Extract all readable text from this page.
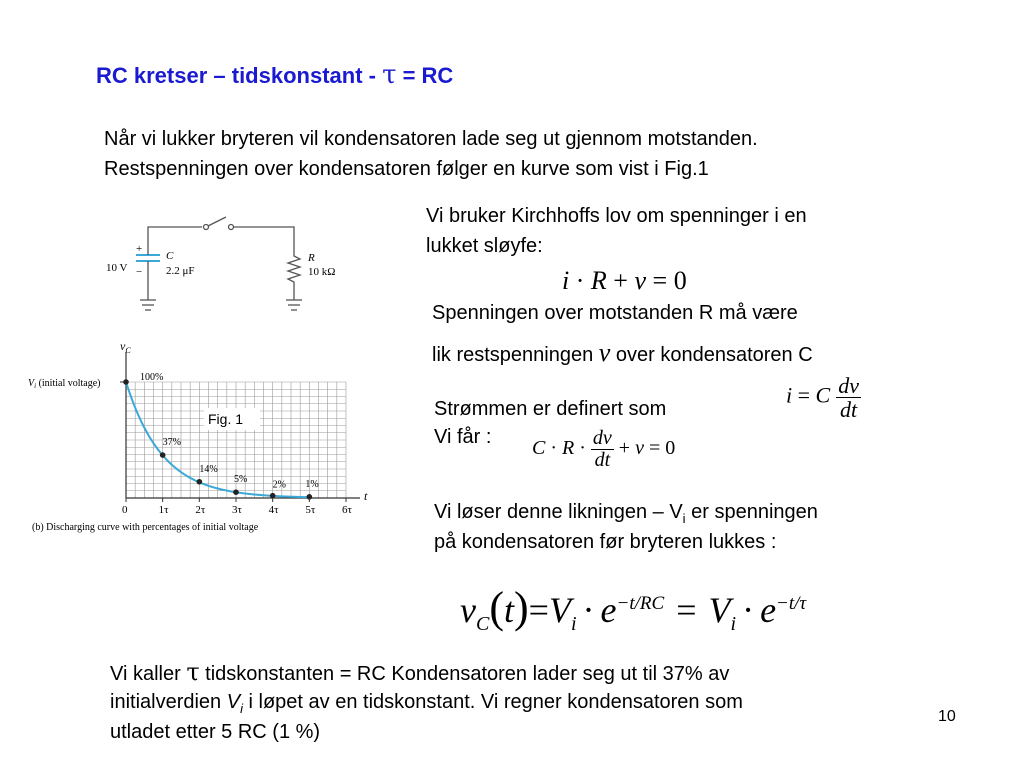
RC kretser – tidskonstant - τ = RC
Når vi lukker bryteren vil kondensatoren lade seg ut gjennom motstanden.
Restspenningen over kondensatoren følger en kurve som vist i Fig.1
10 V
+
−
C
2.2 μF
R
10 kΩ
100%
37%
14%
5%	2% 1%
0	1τ 2τ 3τ 4τ 5τ 6τ
$v_C$
$V_i$ (initial voltage)
t
Fig. 1
(b) Discharging curve with percentages of initial voltage
Vi bruker Kirchhoffs lov om spenninger i en
lukket sløyfe:
i · R + v = 0
Spenningen over motstanden R må være
lik restspenningen v over kondensatoren C
Strømmen er definert som
i = C $\frac{dv}{dt}$
Vi får :
$C \cdot R \cdot \frac{dv}{dt} + v = 0$
Vi løser denne likningen – $V_i$ er spenningen
på kondensatoren før bryteren lukkes :
$v_C(t)=V_i \cdot e^{-t/RC} = V_i \cdot e^{-t/\tau}$
Vi kaller τ tidskonstanten = RC Kondensatoren lader seg ut til 37% av
initialverdien $V_i$ i løpet av en tidskonstant. Vi regner kondensatoren som
utladet etter 5 RC (1 %)
10
